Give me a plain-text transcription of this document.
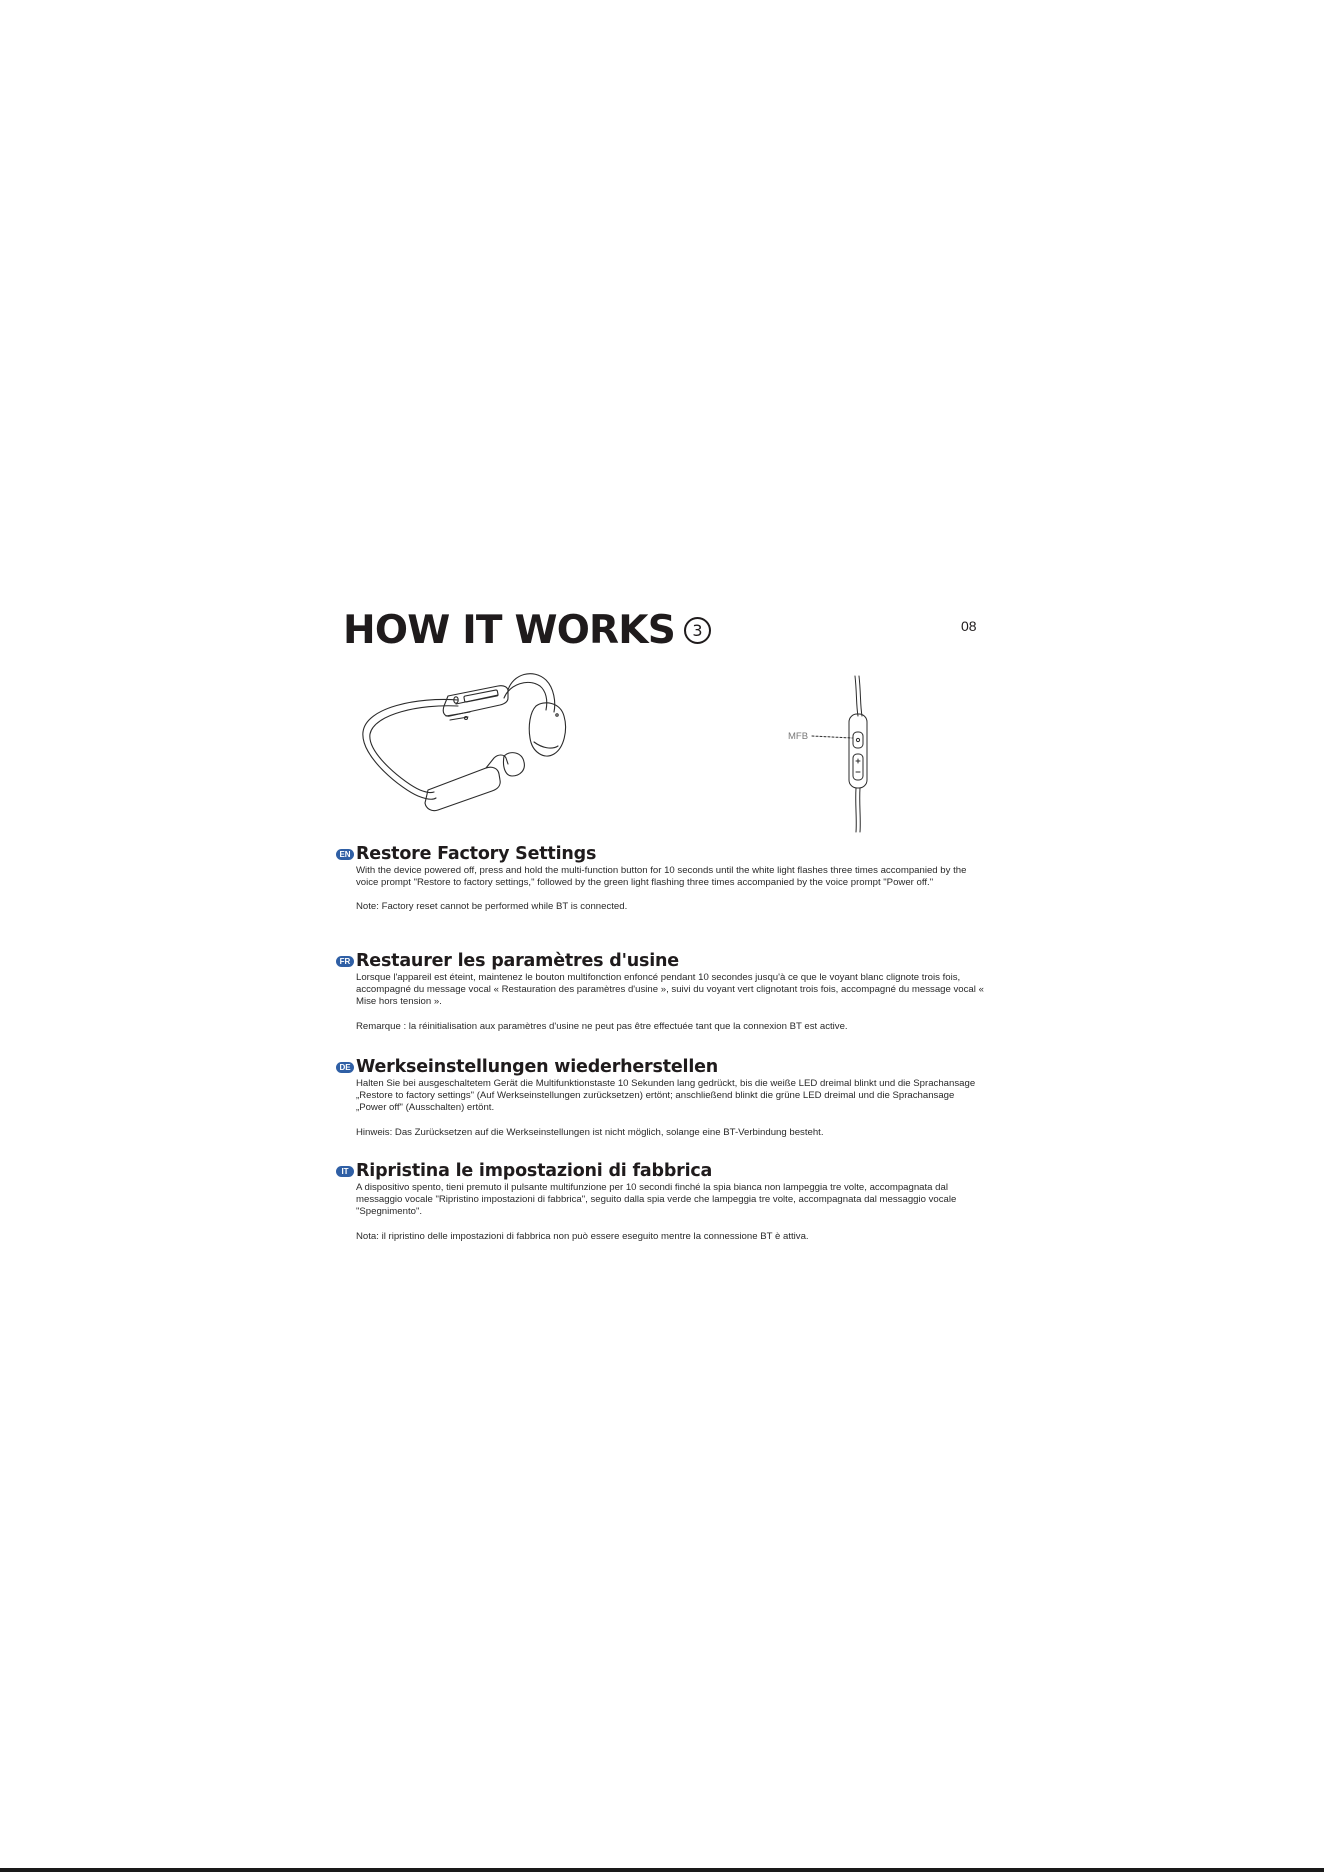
HOW IT WORKS	3	08
MFB
EN Restore Factory Settings

With the device powered off, press and hold the multi-function button for 10 seconds until the white light flashes three times accompanied by the voice prompt "Restore to factory settings," followed by the green light flashing three times accompanied by the voice prompt "Power off."

Note: Factory reset cannot be performed while BT is connected.

FR Restaurer les paramètres d'usine

Lorsque l'appareil est éteint, maintenez le bouton multifonction enfoncé pendant 10 secondes jusqu'à ce que le voyant blanc clignote trois fois, accompagné du message vocal « Restauration des paramètres d'usine », suivi du voyant vert clignotant trois fois, accompagné du message vocal « Mise hors tension ».

Remarque : la réinitialisation aux paramètres d'usine ne peut pas être effectuée tant que la connexion BT est active.

DE Werkseinstellungen wiederherstellen

Halten Sie bei ausgeschaltetem Gerät die Multifunktionstaste 10 Sekunden lang gedrückt, bis die weiße LED dreimal blinkt und die Sprachansage „Restore to factory settings" (Auf Werkseinstellungen zurücksetzen) ertönt; anschließend blinkt die grüne LED dreimal und die Sprachansage „Power off" (Ausschalten) ertönt.

Hinweis: Das Zurücksetzen auf die Werkseinstellungen ist nicht möglich, solange eine BT-Verbindung besteht.

IT Ripristina le impostazioni di fabbrica

A dispositivo spento, tieni premuto il pulsante multifunzione per 10 secondi finché la spia bianca non lampeggia tre volte, accompagnata dal messaggio vocale "Ripristino impostazioni di fabbrica", seguito dalla spia verde che lampeggia tre volte, accompagnata dal messaggio vocale "Spegnimento".

Nota: il ripristino delle impostazioni di fabbrica non può essere eseguito mentre la connessione BT è attiva.
